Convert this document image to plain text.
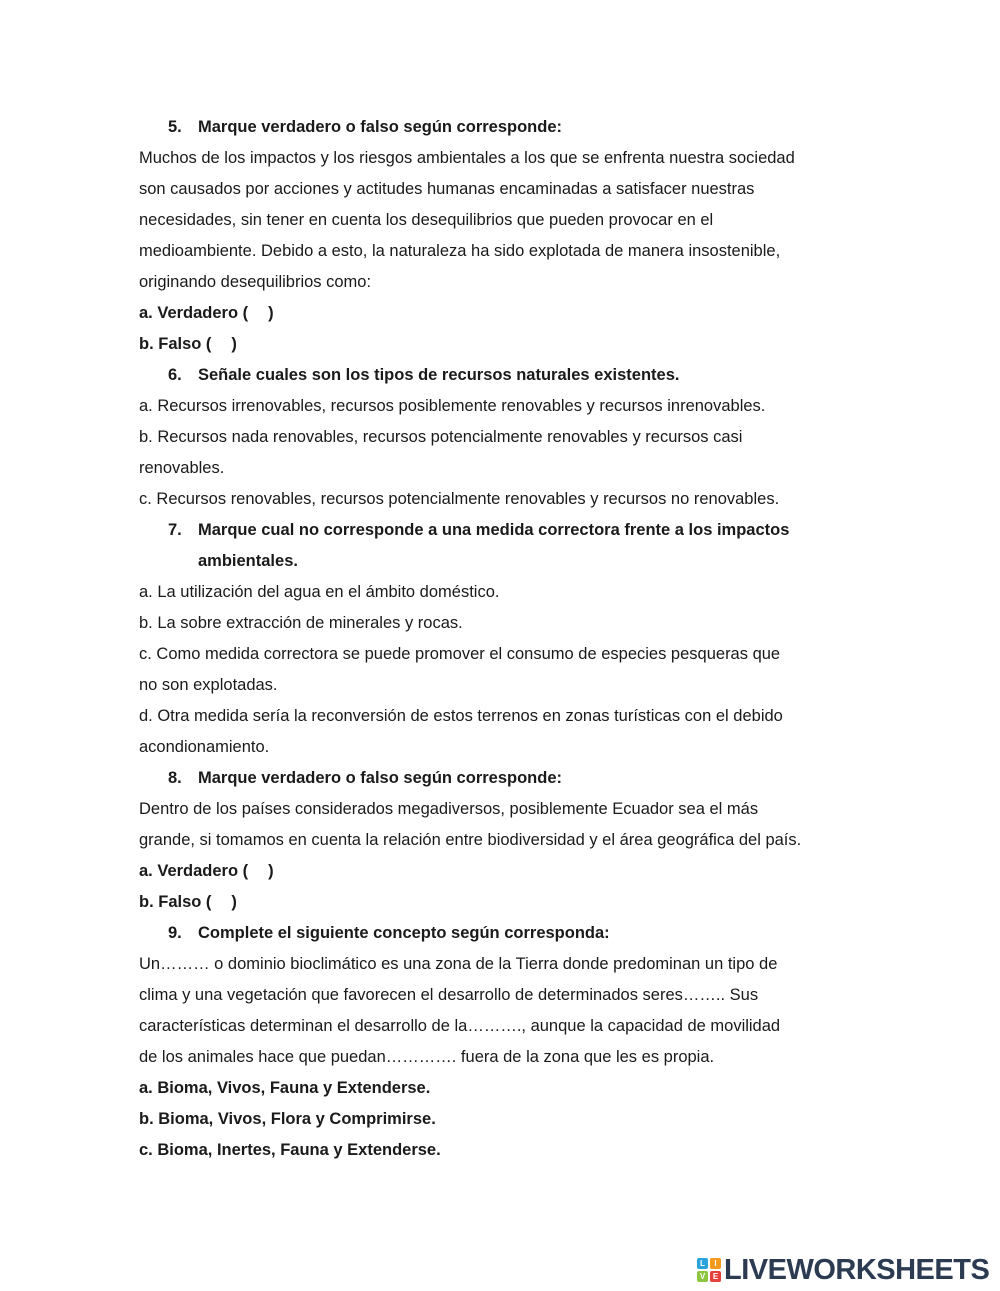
5. Marque verdadero o falso según corresponde:
Muchos de los impactos y los riesgos ambientales a los que se enfrenta nuestra sociedad
son causados por acciones y actitudes humanas encaminadas a satisfacer nuestras
necesidades, sin tener en cuenta los desequilibrios que pueden provocar en el
medioambiente. Debido a esto, la naturaleza ha sido explotada de manera insostenible,
originando desequilibrios como:
a. Verdadero ( )
b. Falso ( )
6. Señale cuales son los tipos de recursos naturales existentes.
a. Recursos irrenovables, recursos posiblemente renovables y recursos inrenovables.
b. Recursos nada renovables, recursos potencialmente renovables y recursos casi
renovables.
c. Recursos renovables, recursos potencialmente renovables y recursos no renovables.
7. Marque cual no corresponde a una medida correctora frente a los impactos
ambientales.
a. La utilización del agua en el ámbito doméstico.
b. La sobre extracción de minerales y rocas.
c. Como medida correctora se puede promover el consumo de especies pesqueras que
no son explotadas.
d. Otra medida sería la reconversión de estos terrenos en zonas turísticas con el debido
acondionamiento.
8. Marque verdadero o falso según corresponde:
Dentro de los países considerados megadiversos, posiblemente Ecuador sea el más
grande, si tomamos en cuenta la relación entre biodiversidad y el área geográfica del país.
a. Verdadero ( )
b. Falso ( )
9. Complete el siguiente concepto según corresponda:
Un……… o dominio bioclimático es una zona de la Tierra donde predominan un tipo de
clima y una vegetación que favorecen el desarrollo de determinados seres…….. Sus
características determinan el desarrollo de la………., aunque la capacidad de movilidad
de los animales hace que puedan…………. fuera de la zona que les es propia.
a. Bioma, Vivos, Fauna y Extenderse.
b. Bioma, Vivos, Flora y Comprimirse.
c. Bioma, Inertes, Fauna y Extenderse.
L	I
V E LIVEWORKSHEETS
